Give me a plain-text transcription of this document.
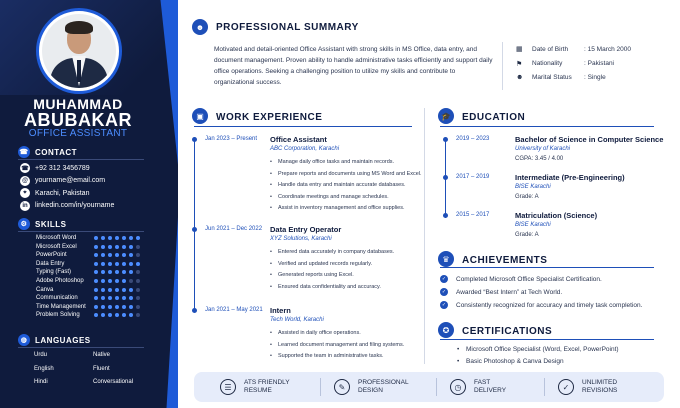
MUHAMMAD
ABUBAKAR
OFFICE ASSISTANT
☎ CONTACT
⚙ SKILLS
◍ LANGUAGES
☎ +92 312 3456789
@ yourname@email.com
⌖	Karachi, Pakistan
in	linkedin.com/in/yourname
Microsoft Word
Microsoft Excel
PowerPoint
Data Entry
Typing (Fast)
Adobe Photoshop
Canva
Communication
Time Management
Problem Solving
Urdu	Native
English	Fluent
Hindi	Conversational
☻	PROFESSIONAL SUMMARY
Motivated and detail-oriented Office Assistant with strong skills in MS Office, data entry, and document management. Proven ability to handle administrative tasks efficiently and support daily office operations. Seeking a challenging position to utilize my skills and contribute to organizational success.
▣	WORK EXPERIENCE	🎓	EDUCATION
♛	ACHIEVEMENTS
✪	CERTIFICATIONS
☰	ATS FRIENDLY
RESUME	✎	PROFESSIONAL
DESIGN	◷	FAST
DELIVERY	✓	UNLIMITED
REVISIONS
▦ Date of Birth	: 15 March 2000
⚑ Nationality	: Pakistani
☻ Marital Status	: Single
Jan 2023 – Present Office Assistant
ABC Corporation, Karachi
• Manage daily office tasks and maintain records.
• Prepare reports and documents using MS Word and Excel.
• Handle data entry and maintain accurate databases.
• Coordinate meetings and manage schedules.
• Assist in inventory management and office supplies.
Jun 2021 – Dec 2022 Data Entry Operator
XYZ Solutions, Karachi
• Entered data accurately in company databases.
• Verified and updated records regularly.
• Generated reports using Excel.
• Ensured data confidentiality and accuracy.
Jan 2021 – May 2021 Intern
Tech World, Karachi
• Assisted in daily office operations.
• Learned document management and filing systems.
• Supported the team in administrative tasks.
2019 – 2023	Bachelor of Science in Computer Science
University of Karachi
CGPA: 3.45 / 4.00
2017 – 2019	Intermediate (Pre-Engineering)
BISE Karachi
Grade: A
2015 – 2017	Matriculation (Science)
BISE Karachi
Grade: A
✓ Completed Microsoft Office Specialist Certification.
✓ Awarded “Best Intern” at Tech World.
✓ Consistently recognized for accuracy and timely task completion.
• Microsoft Office Specialist (Word, Excel, PowerPoint)
• Basic Photoshop & Canva Design
